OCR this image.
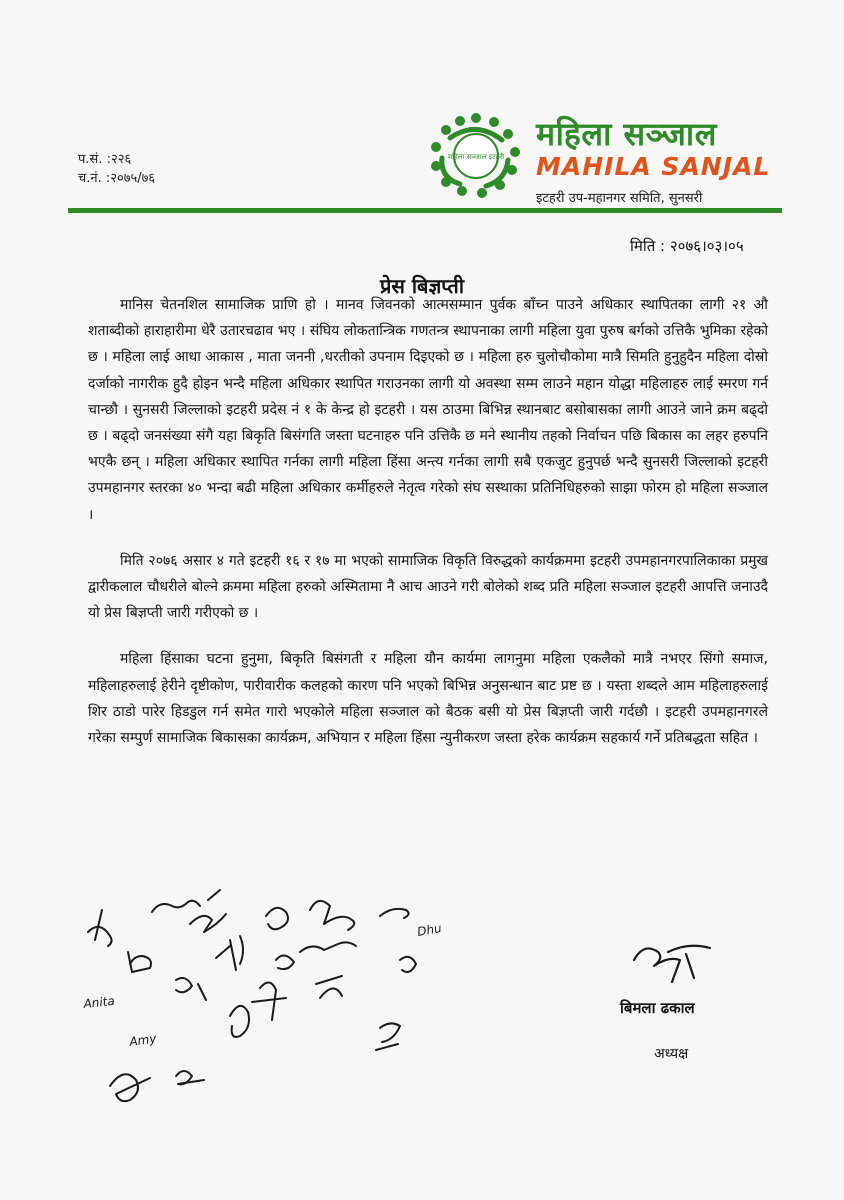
प.सं. :२२६
च.नं. :२०७५/७६
महिला सञ्जाल इटहरी
महिला सञ्जाल
MAHILA SANJAL
इटहरी उप-महानगर समिति, सुनसरी
मिति : २०७६।०३।०५
प्रेस बिज्ञप्ती

मानिस चेतनशिल सामाजिक प्राणि हो । मानव जिवनको आत्मसम्मान पुर्वक बाँच्न पाउने अधिकार स्थापितका लागी २१ औ शताब्दीको हाराहारीमा धेरै उतारचढाव भए । संघिय लोकतान्त्रिक गणतन्त्र स्थापनाका लागी महिला युवा पुरुष बर्गको उत्तिकै भुमिका रहेको छ । महिला लाई आधा आकास , माता जननी ,धरतीको उपनाम दिइएको छ । महिला हरु चुलोचौकोमा मात्रै सिमति हुनुहुदैन महिला दोस्रो दर्जाको नागरीक हुदै होइन भन्दै महिला अधिकार स्थापित गराउनका लागी यो अवस्था सम्म लाउने महान योद्धा महिलाहरु लाई स्मरण गर्न चान्छौ । सुनसरी जिल्लाको इटहरी प्रदेस नं १ के केन्द्र हो इटहरी । यस ठाउमा बिभिन्न स्थानबाट बसोबासका लागी आउने जाने क्रम बढ्दो छ । बढ्दो जनसंख्या संगै यहा बिकृति बिसंगति जस्ता घटनाहरु पनि उत्तिकै छ मने स्थानीय तहको निर्वाचन पछि बिकास का लहर हरुपनि भएकै छन् । महिला अधिकार स्थापित गर्नका लागी महिला हिंसा अन्त्य गर्नका लागी सबै एकजुट हुनुपर्छ भन्दै सुनसरी जिल्लाको इटहरी उपमहानगर स्तरका ४० भन्दा बढी महिला अधिकार कर्मीहरुले नेतृत्व गरेको संघ सस्थाका प्रतिनिधिहरुको साझा फोरम हो महिला सञ्जाल ।

मिति २०७६ असार ४ गते इटहरी १६ र १७ मा भएको सामाजिक विकृति विरुद्धको कार्यक्रममा इटहरी उपमहानगरपालिकाका प्रमुख द्वारीकलाल चौधरीले बोल्ने क्रममा महिला हरुको अस्मितामा नै आच आउने गरी बोलेको शब्द प्रति महिला सञ्जाल इटहरी आपत्ति जनाउदै यो प्रेस बिज्ञप्ती जारी गरीएको छ ।

महिला हिंसाका घटना हुनुमा, बिकृति बिसंगती र महिला यौन कार्यमा लागनुमा महिला एकलैको मात्रै नभएर सिंगो समाज, महिलाहरुलाई हेरीने दृष्टीकोण, पारीवारीक कलहको कारण पनि भएको बिभिन्न अनुसन्धान बाट प्रष्ट छ । यस्ता शब्दले आम महिलाहरुलाई शिर ठाडो पारेर हिडडुल गर्न समेत गारो भएकोले महिला सञ्जाल को बैठक बसी यो प्रेस बिज्ञप्ती जारी गर्दछौ । इटहरी उपमहानगरले गरेका सम्पुर्ण सामाजिक बिकासका कार्यक्रम, अभियान र महिला हिंसा न्युनीकरण जस्ता हरेक कार्यक्रम सहकार्य गर्ने प्रतिबद्धता सहित ।

Anita
Amy
Dhu
बिमला ढकाल
अध्यक्ष
